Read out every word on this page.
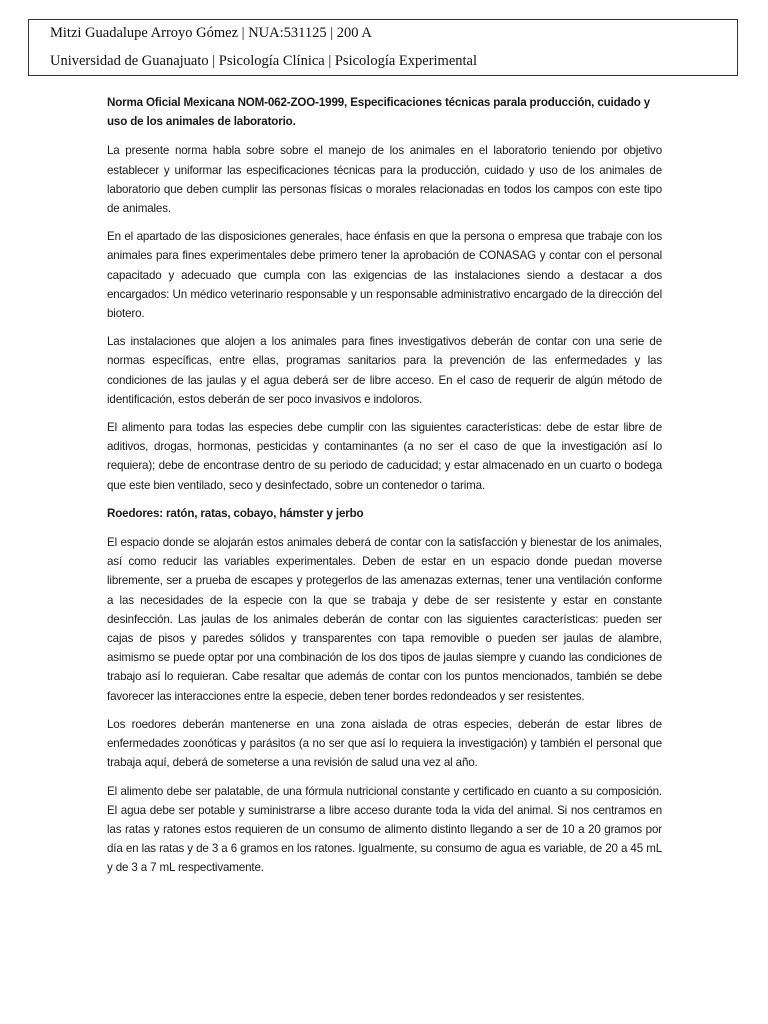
Mitzi Guadalupe Arroyo Gómez | NUA:531125 | 200 A
Universidad de Guanajuato | Psicología Clínica | Psicología Experimental

Norma Oficial Mexicana NOM-062-ZOO-1999, Especificaciones técnicas parala producción, cuidado y uso de los animales de laboratorio.

La presente norma habla sobre sobre el manejo de los animales en el laboratorio teniendo por objetivo establecer y uniformar las especificaciones técnicas para la producción, cuidado y uso de los animales de laboratorio que deben cumplir las personas físicas o morales relacionadas en todos los campos con este tipo de animales.

En el apartado de las disposiciones generales, hace énfasis en que la persona o empresa que trabaje con los animales para fines experimentales debe primero tener la aprobación de CONASAG y contar con el personal capacitado y adecuado que cumpla con las exigencias de las instalaciones siendo a destacar a dos encargados: Un médico veterinario responsable y un responsable administrativo encargado de la dirección del biotero.

Las instalaciones que alojen a los animales para fines investigativos deberán de contar con una serie de normas específicas, entre ellas, programas sanitarios para la prevención de las enfermedades y las condiciones de las jaulas y el agua deberá ser de libre acceso. En el caso de requerir de algún método de identificación, estos deberán de ser poco invasivos e indoloros.

El alimento para todas las especies debe cumplir con las siguientes características: debe de estar libre de aditivos, drogas, hormonas, pesticidas y contaminantes (a no ser el caso de que la investigación así lo requiera); debe de encontrase dentro de su periodo de caducidad; y estar almacenado en un cuarto o bodega que este bien ventilado, seco y desinfectado, sobre un contenedor o tarima.

Roedores: ratón, ratas, cobayo, hámster y jerbo

El espacio donde se alojarán estos animales deberá de contar con la satisfacción y bienestar de los animales, así como reducir las variables experimentales. Deben de estar en un espacio donde puedan moverse libremente, ser a prueba de escapes y protegerlos de las amenazas externas, tener una ventilación conforme a las necesidades de la especie con la que se trabaja y debe de ser resistente y estar en constante desinfección. Las jaulas de los animales deberán de contar con las siguientes características: pueden ser cajas de pisos y paredes sólidos y transparentes con tapa removible o pueden ser jaulas de alambre, asimismo se puede optar por una combinación de los dos tipos de jaulas siempre y cuando las condiciones de trabajo así lo requieran. Cabe resaltar que además de contar con los puntos mencionados, también se debe favorecer las interacciones entre la especie, deben tener bordes redondeados y ser resistentes.

Los roedores deberán mantenerse en una zona aislada de otras especies, deberán de estar libres de enfermedades zoonóticas y parásitos (a no ser que así lo requiera la investigación) y también el personal que trabaja aquí, deberá de someterse a una revisión de salud una vez al año.

El alimento debe ser palatable, de una fórmula nutricional constante y certificado en cuanto a su composición. El agua debe ser potable y suministrarse a libre acceso durante toda la vida del animal. Si nos centramos en las ratas y ratones estos requieren de un consumo de alimento distinto llegando a ser de 10 a 20 gramos por día en las ratas y de 3 a 6 gramos en los ratones. Igualmente, su consumo de agua es variable, de 20 a 45 mL y de 3 a 7 mL respectivamente.
